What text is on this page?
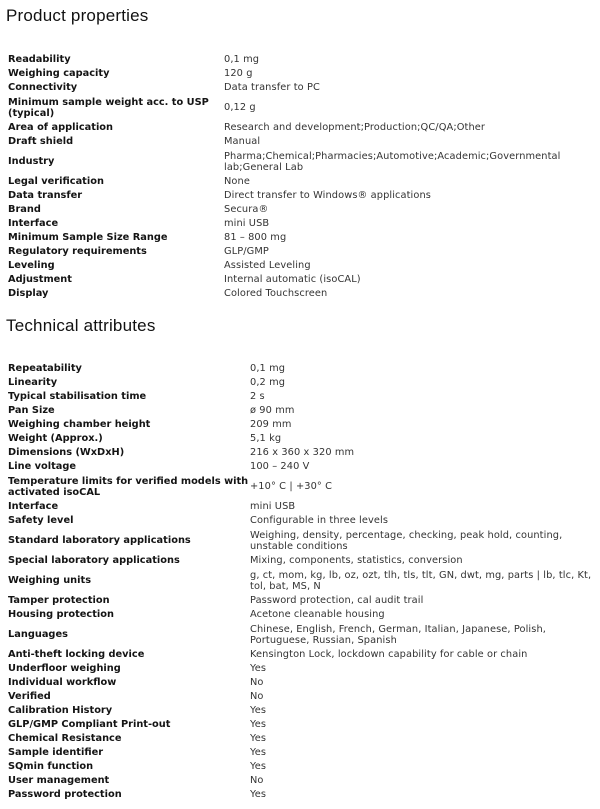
Product properties
Readability	0,1 mg
Weighing capacity	120 g
Connectivity	Data transfer to PC
Minimum sample weight acc. to USP (typical)	0,12 g
Area of application	Research and development;Production;QC/QA;Other
Draft shield	Manual
Industry	Pharma;Chemical;Pharmacies;Automotive;Academic;Governmental lab;General Lab
Legal verification	None
Data transfer	Direct transfer to Windows® applications
Brand	Secura®
Interface	mini USB
Minimum Sample Size Range	81 – 800 mg
Regulatory requirements	GLP/GMP
Leveling	Assisted Leveling
Adjustment	Internal automatic (isoCAL)
Display	Colored Touchscreen
Technical attributes
Repeatability	0,1 mg
Linearity	0,2 mg
Typical stabilisation time	2 s
Pan Size	ø 90 mm
Weighing chamber height	209 mm
Weight (Approx.)	5,1 kg
Dimensions (WxDxH)	216 x 360 x 320 mm
Line voltage	100 – 240 V
Temperature limits for verified models with activated isoCAL	+10° C | +30° C
Interface	mini USB
Safety level	Configurable in three levels
Standard laboratory applications	Weighing, density, percentage, checking, peak hold, counting, unstable conditions
Special laboratory applications	Mixing, components, statistics, conversion
Weighing units	g, ct, mom, kg, lb, oz, ozt, tlh, tls, tlt, GN, dwt, mg, parts | lb, tlc, Kt, tol, bat, MS, N
Tamper protection	Password protection, cal audit trail
Housing protection	Acetone cleanable housing
Languages	Chinese, English, French, German, Italian, Japanese, Polish, Portuguese, Russian, Spanish
Anti-theft locking device	Kensington Lock, lockdown capability for cable or chain
Underfloor weighing	Yes
Individual workflow	No
Verified	No
Calibration History	Yes
GLP/GMP Compliant Print-out	Yes
Chemical Resistance	Yes
Sample identifier	Yes
SQmin function	Yes
User management	No
Password protection	Yes
